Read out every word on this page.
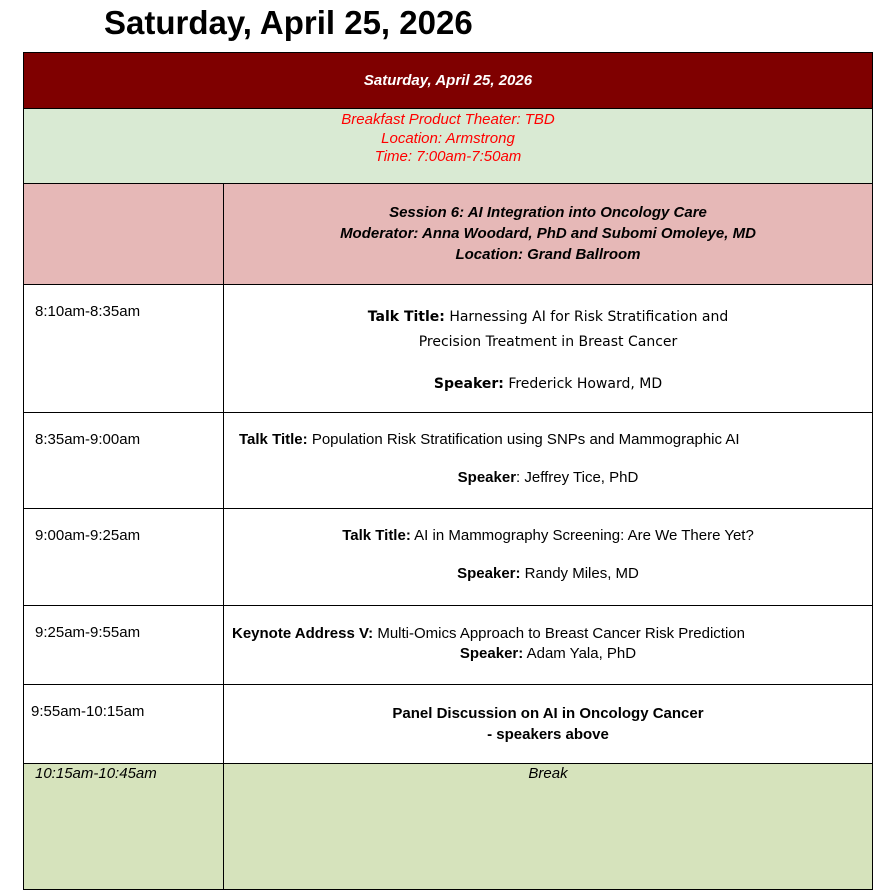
Saturday, April 25, 2026
Saturday, April 25, 2026
Breakfast Product Theater: TBD
Location: Armstrong
Time: 7:00am-7:50am
Session 6: AI Integration into Oncology Care
Moderator: Anna Woodard, PhD and Subomi Omoleye, MD
Location: Grand Ballroom
8:10am-8:35am	Talk Title: Harnessing AI for Risk Stratification and
Precision Treatment in Breast Cancer
Speaker: Frederick Howard, MD
8:35am-9:00am	Talk Title: Population Risk Stratification using SNPs and Mammographic AI
Speaker: Jeffrey Tice, PhD
9:00am-9:25am	Talk Title: AI in Mammography Screening: Are We There Yet?
Speaker: Randy Miles, MD
9:25am-9:55am	Keynote Address V: Multi-Omics Approach to Breast Cancer Risk Prediction
Speaker: Adam Yala, PhD
9:55am-10:15am	Panel Discussion on AI in Oncology Cancer
- speakers above
10:15am-10:45am	Break
